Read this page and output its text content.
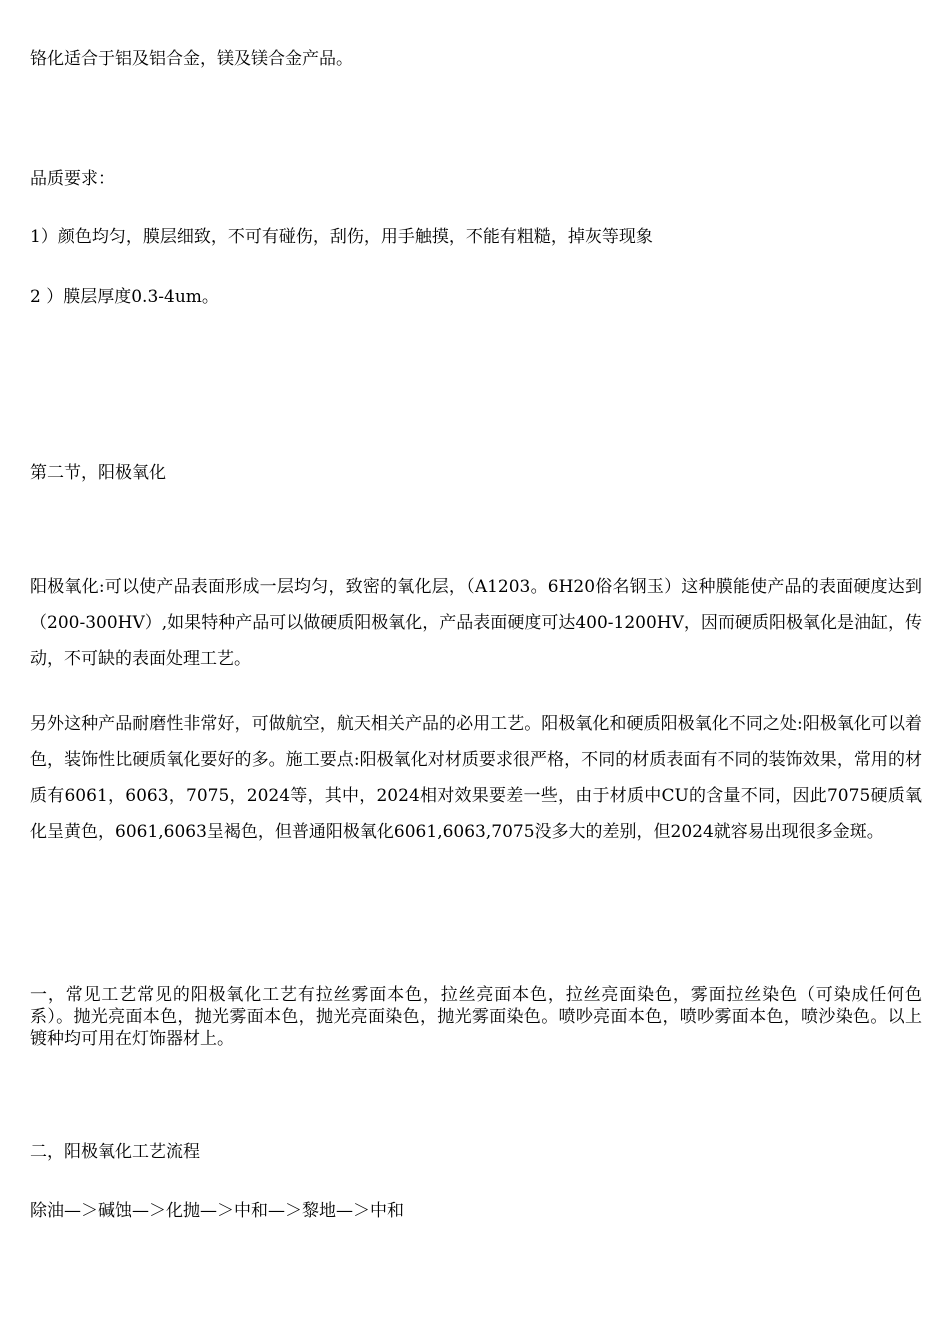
铬化适合于铝及铝合金，镁及镁合金产品。
品质要求：
1）颜色均匀，膜层细致，不可有碰伤，刮伤，用手触摸，不能有粗糙，掉灰等现象
2 ）膜层厚度0.3-4um。
第二节，阳极氧化
阳极氧化:可以使产品表面形成一层均匀，致密的氧化层，（A1203。6H20俗名钢玉）这种膜能使产品的表面硬度达到（200-300HV）,如果特种产品可以做硬质阳极氧化，产品表面硬度可达400-1200HV，因而硬质阳极氧化是油缸，传动，不可缺的表面处理工艺。
另外这种产品耐磨性非常好，可做航空，航天相关产品的必用工艺。阳极氧化和硬质阳极氧化不同之处:阳极氧化可以着色，装饰性比硬质氧化要好的多。施工要点:阳极氧化对材质要求很严格，不同的材质表面有不同的装饰效果，常用的材质有6061，6063，7075，2024等，其中，2024相对效果要差一些，由于材质中CU的含量不同，因此7075硬质氧化呈黄色，6061,6063呈褐色，但普通阳极氧化6061,6063,7075没多大的差别，但2024就容易出现很多金斑。
一，常见工艺常见的阳极氧化工艺有拉丝雾面本色，拉丝亮面本色，拉丝亮面染色，雾面拉丝染色（可染成任何色系）。抛光亮面本色，抛光雾面本色，抛光亮面染色，抛光雾面染色。喷吵亮面本色，喷吵雾面本色，喷沙染色。以上镀种均可用在灯饰器材上。
二，阳极氧化工艺流程
除油—＞碱蚀—＞化抛—＞中和—＞黎地—＞中和
